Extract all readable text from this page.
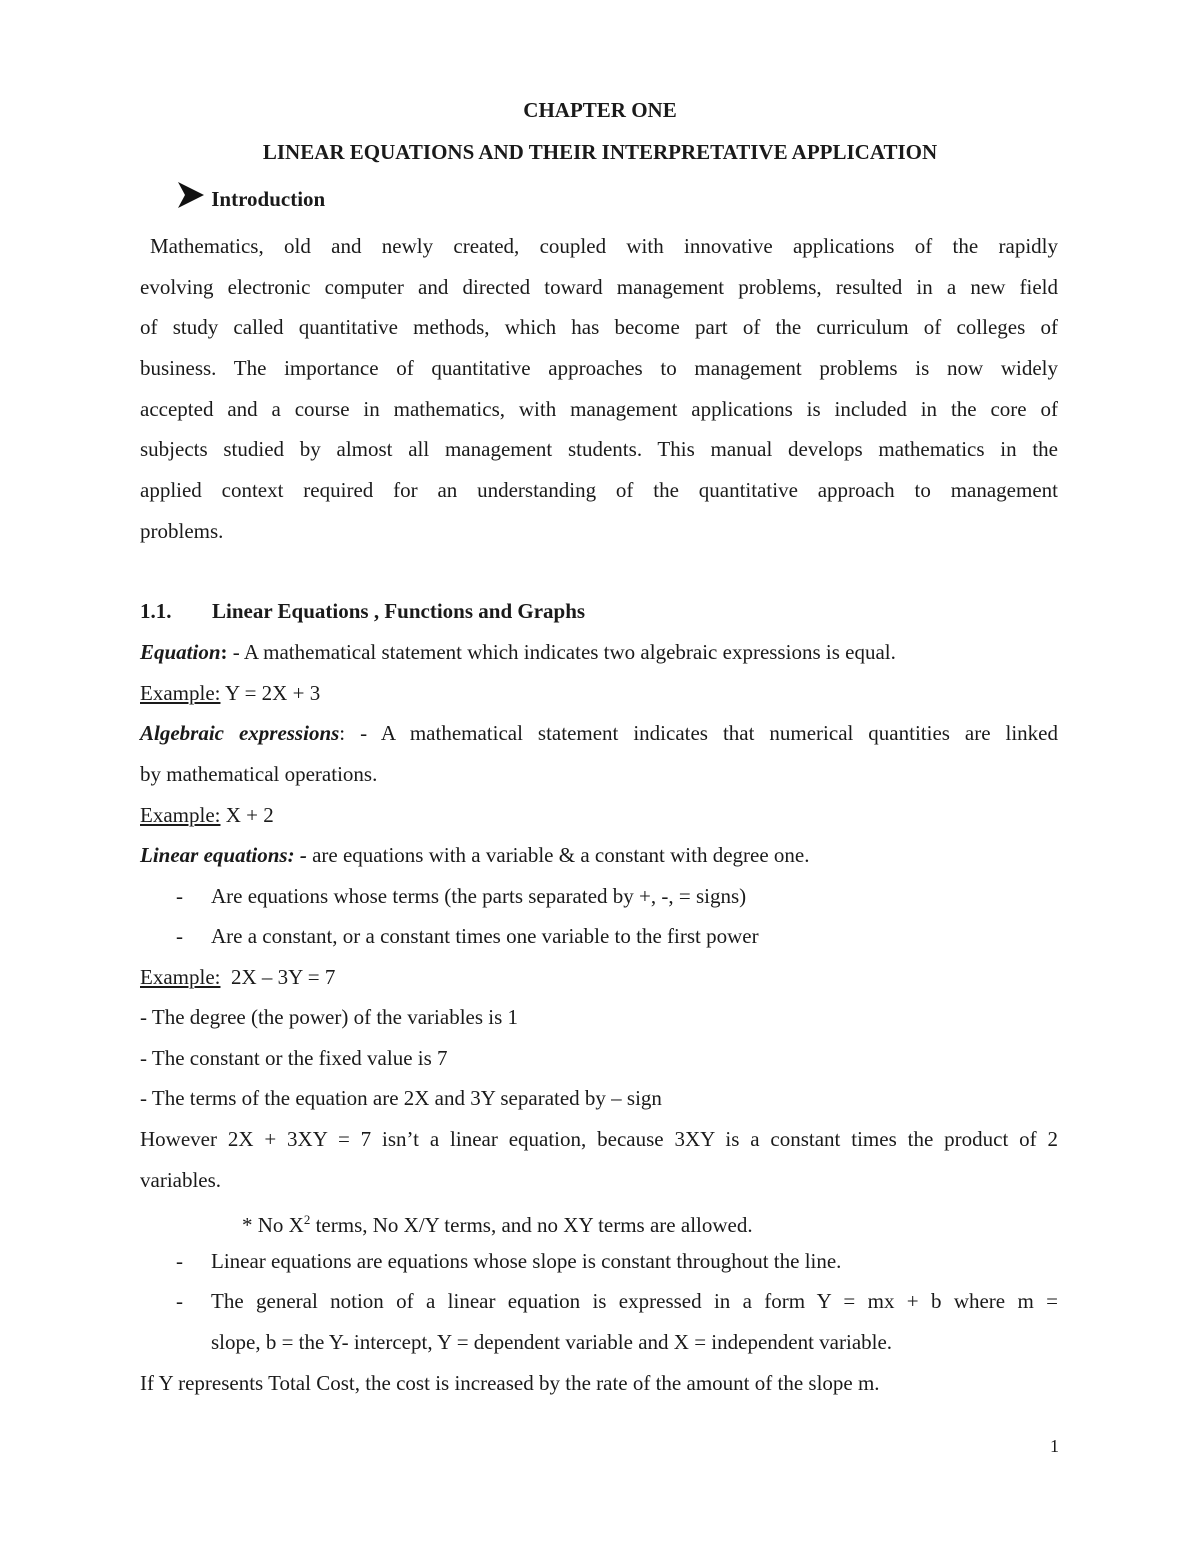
CHAPTER ONE
LINEAR EQUATIONS AND THEIR INTERPRETATIVE APPLICATION
Introduction
Mathematics, old and newly created, coupled with innovative applications of the rapidly
evolving electronic computer and directed toward management problems, resulted in a new field
of study called quantitative methods, which has become part of the curriculum of colleges of
business. The importance of quantitative approaches to management problems is now widely
accepted and a course in mathematics, with management applications is included in the core of
subjects studied by almost all management students. This manual develops mathematics in the
applied context required for an understanding of the quantitative approach to management
problems.
1.1. Linear Equations , Functions and Graphs
Equation: - A mathematical statement which indicates two algebraic expressions is equal.
Example: Y = 2X + 3
Algebraic expressions: - A mathematical statement indicates that numerical quantities are linked
by mathematical operations.
Example: X + 2
Linear equations: - are equations with a variable & a constant with degree one.
- Are equations whose terms (the parts separated by +, -, = signs)
- Are a constant, or a constant times one variable to the first power
Example:  2X – 3Y = 7
- The degree (the power) of the variables is 1
- The constant or the fixed value is 7
- The terms of the equation are 2X and 3Y separated by – sign
However 2X + 3XY = 7 isn’t a linear equation, because 3XY is a constant times the product of 2
variables.
* No $X^2$ terms, No X/Y terms, and no XY terms are allowed.
- Linear equations are equations whose slope is constant throughout the line.
- The general notion of a linear equation is expressed in a form Y = mx + b where m =
slope, b = the Y- intercept, Y = dependent variable and X = independent variable.
If Y represents Total Cost, the cost is increased by the rate of the amount of the slope m.
1
